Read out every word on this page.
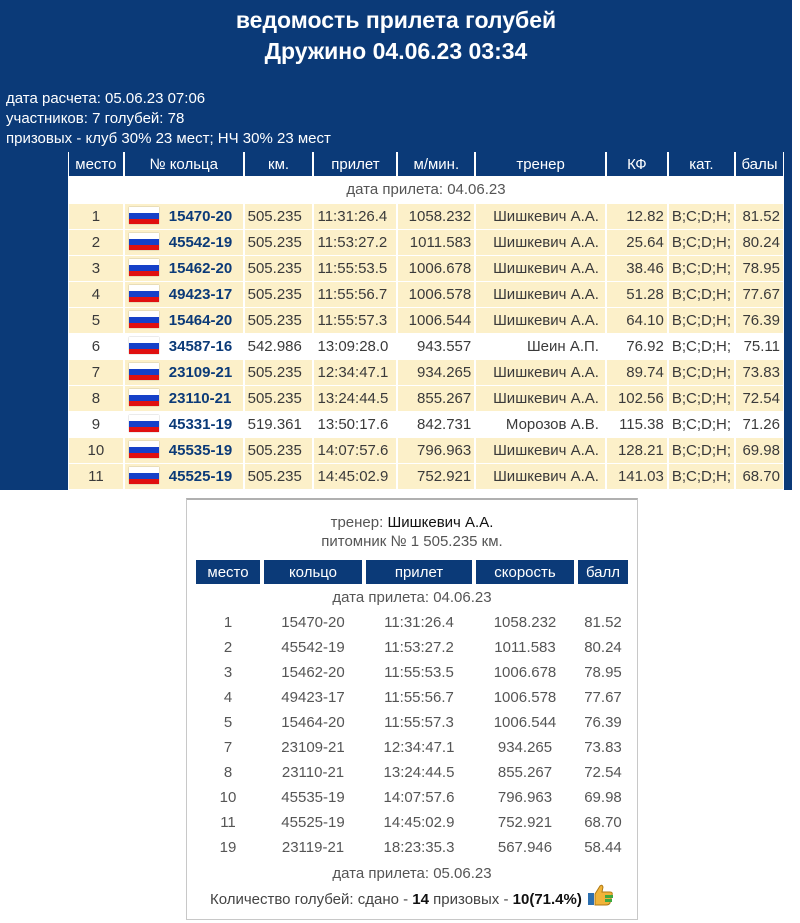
ведомость прилета голубей
Дружино 04.06.23 03:34
дата расчета: 05.06.23 07:06
участников: 7 голубей: 78
призовых - клуб 30% 23 мест; НЧ 30% 23 мест
место	№ кольца	км.	прилет	м/мин.	тренер	КФ	кат.	балы
дата прилета: 04.06.23								
1	15470-20	505.235	11:31:26.4	1058.232	Шишкевич А.А.	12.82	B;C;D;H;	81.52
2	45542-19	505.235	11:53:27.2	1011.583	Шишкевич А.А.	25.64	B;C;D;H;	80.24
3	15462-20	505.235	11:55:53.5	1006.678	Шишкевич А.А.	38.46	B;C;D;H;	78.95
4	49423-17	505.235	11:55:56.7	1006.578	Шишкевич А.А.	51.28	B;C;D;H;	77.67
5	15464-20	505.235	11:55:57.3	1006.544	Шишкевич А.А.	64.10	B;C;D;H;	76.39
6	34587-16	542.986	13:09:28.0	943.557	Шеин А.П.	76.92	B;C;D;H;	75.11
7	23109-21	505.235	12:34:47.1	934.265	Шишкевич А.А.	89.74	B;C;D;H;	73.83
8	23110-21	505.235	13:24:44.5	855.267	Шишкевич А.А.	102.56	B;C;D;H;	72.54
9	45331-19	519.361	13:50:17.6	842.731	Морозов А.В.	115.38	B;C;D;H;	71.26
10	45535-19	505.235	14:07:57.6	796.963	Шишкевич А.А.	128.21	B;C;D;H;	69.98
11	45525-19	505.235	14:45:02.9	752.921	Шишкевич А.А.	141.03	B;C;D;H;	68.70
тренер: Шишкевич А.А.
питомник № 1 505.235 км.
место	кольцо	прилет	скорость	балл
дата прилета: 04.06.23				
1	15470-20	11:31:26.4	1058.232	81.52
2	45542-19	11:53:27.2	1011.583	80.24
3	15462-20	11:55:53.5	1006.678	78.95
4	49423-17	11:55:56.7	1006.578	77.67
5	15464-20	11:55:57.3	1006.544	76.39
7	23109-21	12:34:47.1	934.265	73.83
8	23110-21	13:24:44.5	855.267	72.54
10	45535-19	14:07:57.6	796.963	69.98
11	45525-19	14:45:02.9	752.921	68.70
19	23119-21	18:23:35.3	567.946	58.44
дата прилета: 05.06.23				
Количество голубей: сдано - 14 призовых - 10(71.4%)
